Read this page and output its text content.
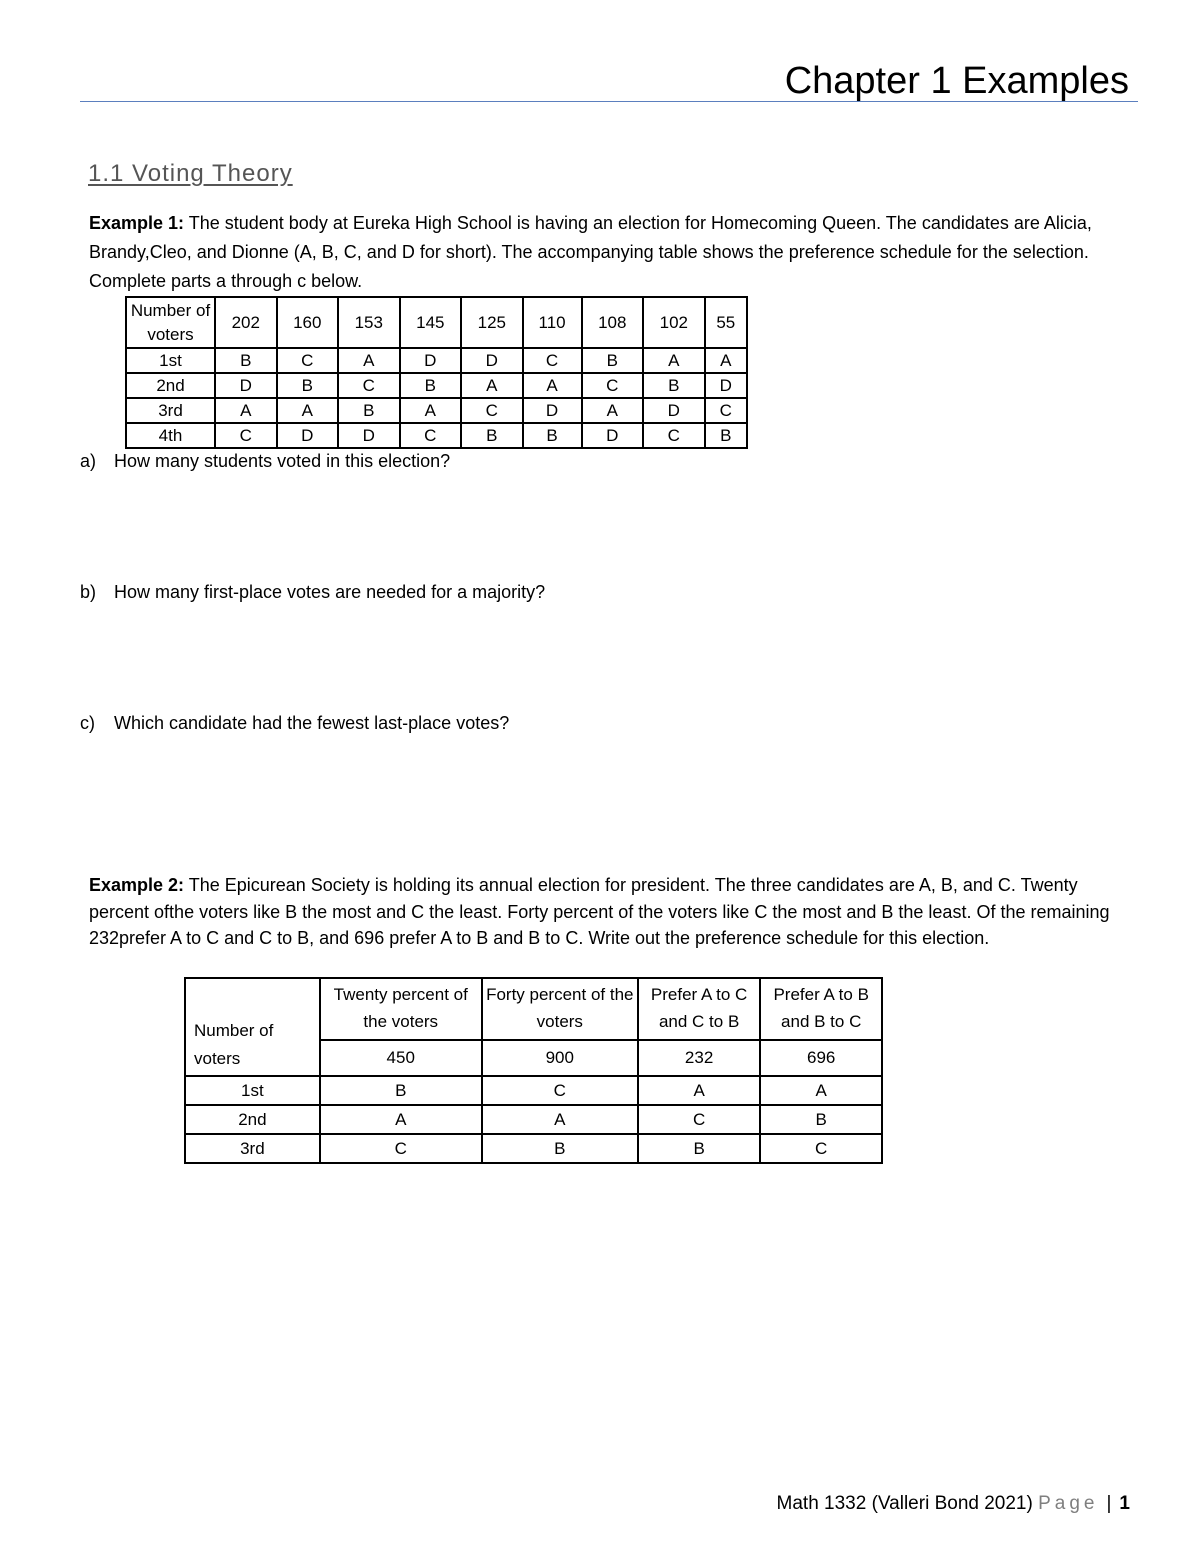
Chapter 1 Examples
1.1 Voting Theory
Example 1: The student body at Eureka High School is having an election for Homecoming Queen. The candidates are Alicia, Brandy,Cleo, and Dionne (A, B, C, and D for short). The accompanying table shows the preference schedule for the selection. Complete parts a through c below.
Number of voters	202	160	153	145	125	110	108	102	55
1st	B	C	A	D	D	C	B	A	A
2nd	D	B	C	B	A	A	C	B	D
3rd	A	A	B	A	C	D	A	D	C
4th	C	D	D	C	B	B	D	C	B
a) How many students voted in this election?
b) How many first-place votes are needed for a majority?
c) Which candidate had the fewest last-place votes?
Example 2: The Epicurean Society is holding its annual election for president. The three candidates are A, B, and C. Twenty percent ofthe voters like B the most and C the least. Forty percent of the voters like C the most and B the least. Of the remaining 232prefer A to C and C to B, and 696 prefer A to B and B to C. Write out the preference schedule for this election.
Number of voters	Twenty percent of the voters	Forty percent of the voters	Prefer A to C and C to B	Prefer A to B and B to C
	450	900	232	696
1st	B	C	A	A
2nd	A	A	C	B
3rd	C	B	B	C
Math 1332 (Valleri Bond 2021) Page | 1
